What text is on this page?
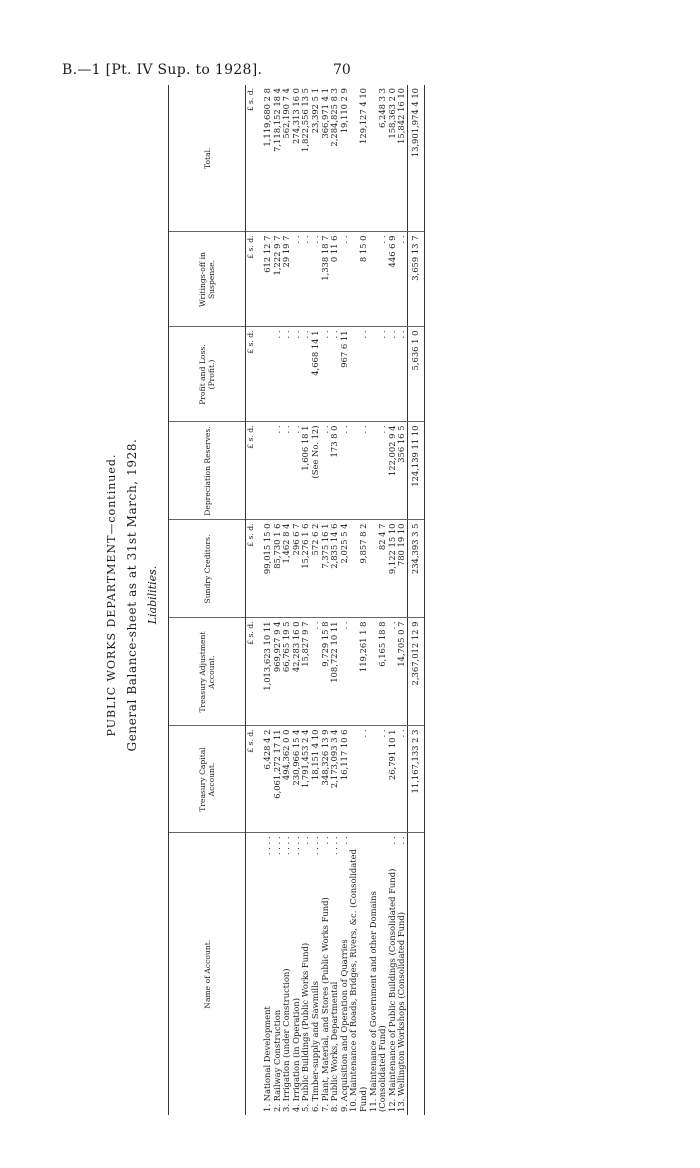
B.—1 [Pt. IV Sup. to 1928].	70
PUBLIC WORKS DEPARTMENT—continued. General Balance-sheet as at 31st March, 1928. Liabilities.
Name of Account.	Treasury Capital Account.	Treasury Adjustment Account.	Sundry Creditors.	Depreciation Reserves.	Profit and Loss. (Profit.)	Writings-off in Suspense.	Total.
	£ s. d.	£ s. d.	£ s. d.	£ s. d.	£ s. d.	£ s. d.	£ s. d.

. . . .
1. National Development	6,428 4 2	1,013,623 10 11	99,015 15 0			612 12 7	1,119,680 2 8

. . . .
2. Railway Construction	6,061,272 17 11	969,927 9 4	85,730 1 6	. .	. .	1,222 9 7	7,118,152 18 4

. . . .
3. Irrigation (under Construction)	494,362 0 0	66,765 19 5	1,462 8 4	. .	. .	29 19 7	562,190 7 4

. . . .
4. Irrigation (in Operation)	230,966 15 4	42,283 16 0	296 6 7	. .	. .	. .	274,313 16 0

. .
5. Public Buildings (Public Works Fund)	1,791,453 2 4	15,827 9 7	15,276 1 6	1,606 18 1	. .	. .	1,822,556 13 5

. . . .
6. Timber-supply and Sawmills	18,151 4 10	. .	572 6 2	(See No. 12)	4,668 14 1	. .	23,392 5 1

. .
7. Plant, Material, and Stores (Public Works Fund)	348,326 13 9	9,729 15 8	7,375 16 1	. .	. .	1,338 18 7	366,971 4 1

. . . .
8. Public Works, Departmental	2,173,093 3 4	108,722 10 11	2,835 14 6	173 8 0	. .	0 11 6	2,284,825 8 3

. .
9. Acquisition and Operation of Quarries	16,117 10 6	. .	2,025 5 4	. .	967 6 11	. .	19,110 2 9

10. Maintenance of Roads, Bridges, Rivers, &c. (Consolidated Fund)	. .	119,261 1 8	9,857 8 2	. .	. .	8 15 0	129,127 4 10

11. Maintenance of Government and other Domains (Consolidated Fund)	. .	6,165 18 8	82 4 7	. .	. .	. .	6,248 3 3

. .
12. Maintenance of Public Buildings (Consolidated Fund)	26,791 10 1	. .	9,122 15 10	122,002 9 4	. .	446 6 9	158,363 2 0

. .
13. Wellington Workshops (Consolidated Fund)	. .	14,705 0 7	780 19 10	356 16 5	. .	. .	15,842 16 10
	11,167,133 2 3	2,367,012 12 9	234,393 3 5	124,139 11 10	5,636 1 0	3,659 13 7	13,901,974 4 10
